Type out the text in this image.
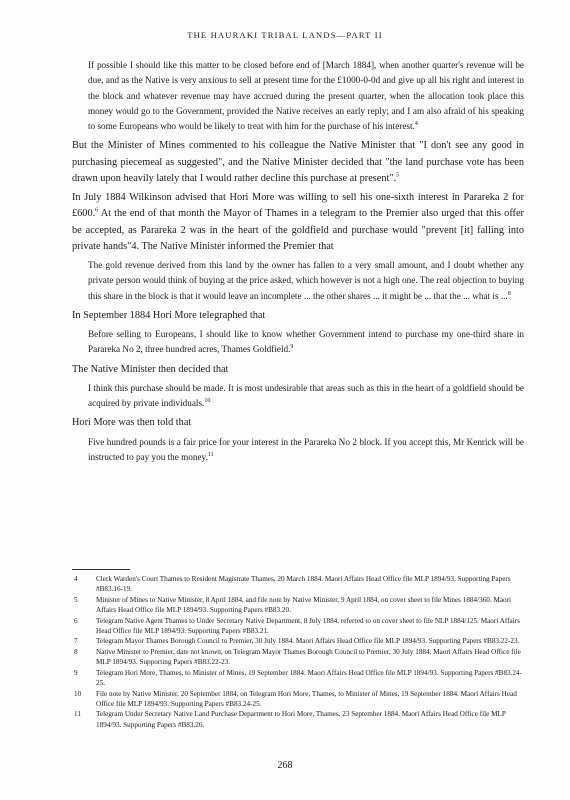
THE HAURAKI TRIBAL LANDS—PART II

If possible I should like this matter to be closed before end of [March 1884], when another quarter's revenue will be due, and as the Native is very anxious to sell at present time for the £1000-0-0d and give up all his right and interest in the block and whatever revenue may have accrued during the present quarter, when the allocation took place this money would go to the Government, provided the Native receives an early reply; and I am also afraid of his speaking to some Europeans who would be likely to treat with him for the purchase of his interest.$^4$

But the Minister of Mines commented to his colleague the Native Minister that "I don't see any good in purchasing piecemeal as suggested", and the Native Minister decided that "the land purchase vote has been drawn upon heavily lately that I would rather decline this purchase at present".$^5$

In July 1884 Wilkinson advised that Hori More was willing to sell his one-sixth interest in Parareka 2 for £600.$^6$ At the end of that month the Mayor of Thames in a telegram to the Premier also urged that this offer be accepted, as Parareka 2 was in the heart of the goldfield and purchase would "prevent [it] falling into private hands"4. The Native Minister informed the Premier that

The gold revenue derived from this land by the owner has fallen to a very small amount, and I doubt whether any private person would think of buying at the price asked, which however is not a high one. The real objection to buying this share in the block is that it would leave an incomplete ... the other shares ... it might be ... that the ... what is ...$^8$

In September 1884 Hori More telegraphed that

Before selling to Europeans, I should like to know whether Government intend to purchase my one-third share in Parareka No 2, three hundred acres, Thames Goldfield.$^9$

The Native Minister then decided that

I think this purchase should be made. It is most undesirable that areas such as this in the heart of a goldfield should be acquired by private individuals.$^{10}$

Hori More was then told that

Five hundred pounds is a fair price for your interest in the Parareka No 2 block. If you accept this, Mr Kenrick will be instructed to pay you the money.$^{11}$

4	Clerk Warden's Court Thames to Resident Magistrate Thames, 20 March 1884. Maori Affairs Head Office file MLP 1894/93. Supporting Papers #B83.16-19.
5	Minister of Mines to Native Minister, 8 April 1884, and file note by Native Minister, 9 April 1884, on cover sheet to file Mines 1884/360. Maori Affairs Head Office file MLP 1894/93. Supporting Papers #B83.20.
6	Telegram Native Agent Thames to Under Secretary Native Department, 8 July 1884, referred to on cover sheet to file NLP 1884/125. Maori Affairs Head Office file MLP 1894/93. Supporting Papers #B83.21.
7	Telegram Mayor Thames Borough Council to Premier, 30 July 1884. Maori Affairs Head Office file MLP 1894/93. Supporting Papers #B83.22-23.
8	Native Minister to Premier, date not known, on Telegram Mayor Thames Borough Council to Premier, 30 July 1884. Maori Affairs Head Office file MLP 1894/93. Supporting Papers #B83.22-23.
9	Telegram Hori More, Thames, to Minister of Mines, 19 September 1884. Maori Affairs Head Office file MLP 1894/93. Supporting Papers #B83.24-25.
10	File note by Native Minister, 20 September 1884, on Telegram Hori More, Thames, to Minister of Mines, 19 September 1884. Maori Affairs Head Office file MLP 1894/93. Supporting Papers #B83.24-25.
11	Telegram Under Secretary Native Land Purchase Department to Hori More, Thames, 23 September 1884. Maori Affairs Head Office file MLP 1894/93. Supporting Papers #B83.26.
268
